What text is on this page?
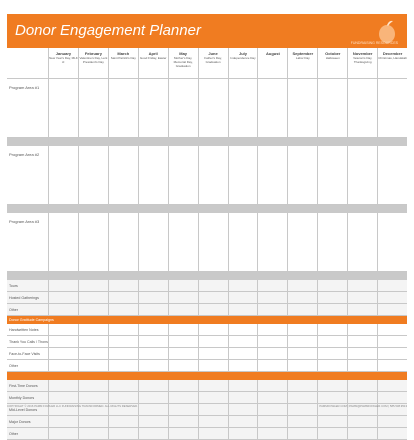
Donor Engagement Planner
FUNDRAISING RESOURCES
January
New Year's Day, MLK Jr.
February
Valentine's Day, Lent President's Day
March
Saint Patrick's Day
April
Good Friday, Easter
May
Mother's Day, Memorial Day, Graduation
June
Father's Day, Graduation
July
Independence Day
August	September
Labor Day
October
Halloween
November
Veteran's Day, Thanksgiving
December
Christmas, Hanukkah
Program Area #1
Program Area #2
Program Area #3
Tours
Hosted Gatherings
Other
Donor Gratitude Campaigns
Handwritten Notes
Thank You Calls / Thons
Face-to-Face Visits
Other
First-Time Donors
Monthly Donors
Mid-Level Donors
Major Donors
Other
COPYRIGHT © 2016 PAMM FOWLER LLC FUNDRAISING TRANSFORMED. ALL RIGHTS RESERVED.	PAMMFOWLER.COM | PAMM@PAMMFOWLER.COM | 585.538.9513
